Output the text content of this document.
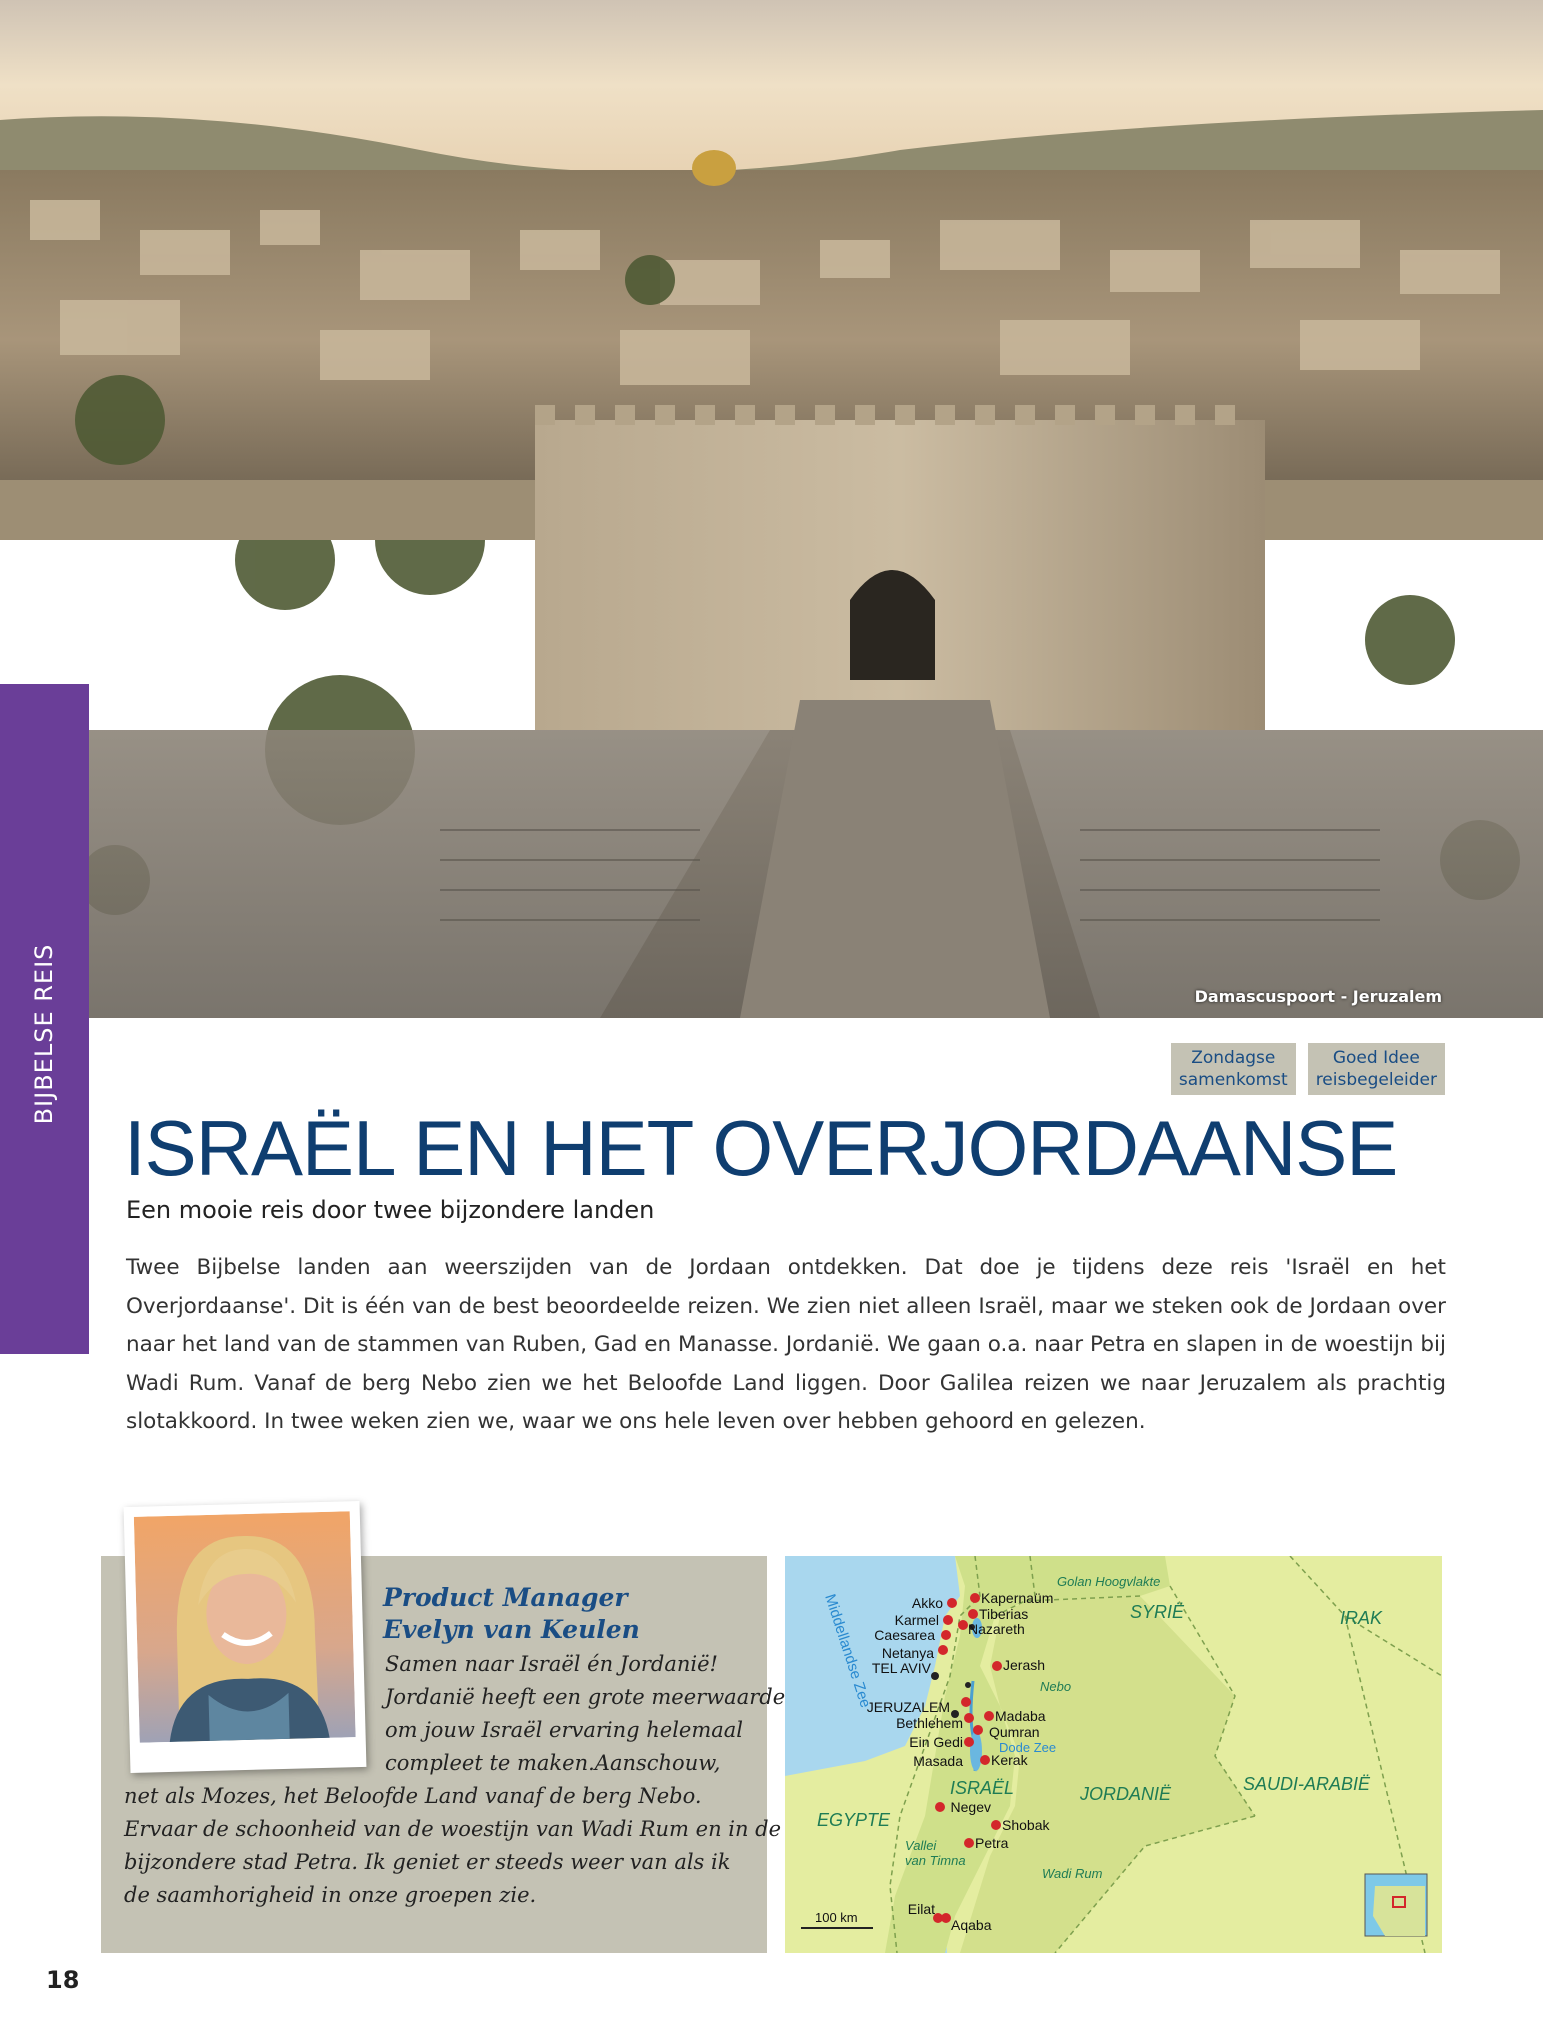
Damascuspoort - Jeruzalem
BIJBELSE REIS	Zondagse
samenkomst
Goed Idee
reisbegeleider
ISRAËL EN HET OVERJORDAANSE
Een mooie reis door twee bijzondere landen

Twee Bijbelse landen aan weerszijden van de Jordaan ontdekken. Dat doe je tijdens deze reis 'Israël en het Overjordaanse'. Dit is één van de best beoordeelde reizen. We zien niet alleen Israël, maar we steken ook de Jordaan over naar het land van de stammen van Ruben, Gad en Manasse. Jordanië. We gaan o.a. naar Petra en slapen in de woestijn bij Wadi Rum. Vanaf de berg Nebo zien we het Beloofde Land liggen. Door Galilea reizen we naar Jeruzalem als prachtig slotakkoord. In twee weken zien we, waar we ons hele leven over hebben gehoord en gelezen.

Product Manager
Evelyn van Keulen
Samen naar Israël én Jordanië!
Jordanië heeft een grote meerwaarde
om jouw Israël ervaring helemaal
compleet te maken.Aanschouw,
net als Mozes, het Beloofde Land vanaf de berg Nebo.
Ervaar de schoonheid van de woestijn van Wadi Rum en in de
bijzondere stad Petra. Ik geniet er steeds weer van als ik
de saamhorigheid in onze groepen zie.
Akko
Karmel
Caesarea
Netanya
TEL AVIV
JERUZALEM
Bethlehem
Ein Gedi
Masada
Negev
Eilat
Kapernaüm
Tiberias
Nazareth
Jerash
Madaba
Qumran
Kerak
Shobak
Petra
Aqaba
SYRIË	IRAK
ISRAËL	JORDANIË	SAUDI-ARABIË
EGYPTE
Golan Hoogvlakte
Nebo
Vallei
van Timna
Wadi Rum
Dode Zee
Middellandse Zee
100 km
18
